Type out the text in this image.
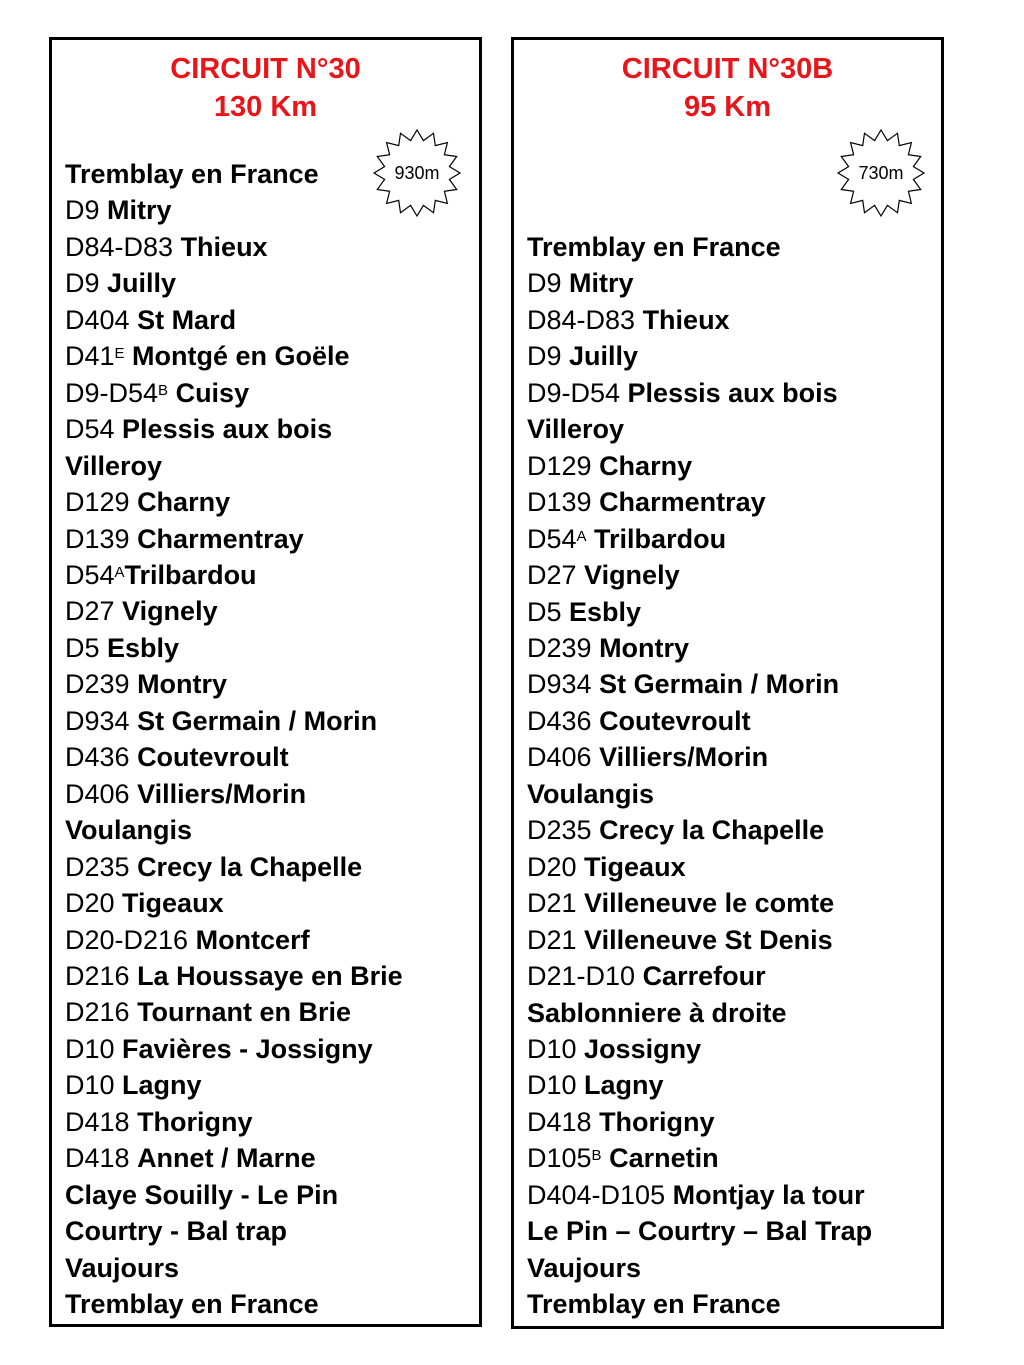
CIRCUIT N°30
130 Km
930m
Tremblay en France
D9 Mitry
D84-D83 Thieux
D9 Juilly
D404 St Mard
$D41^E$ Montgé en Goële
$D9-D54^B$ Cuisy
D54 Plessis aux bois
Villeroy
D129 Charny
D139 Charmentray
$D54^ATrilbardou$
D27 Vignely
D5 Esbly
D239 Montry
D934 St Germain / Morin
D436 Coutevroult
D406 Villiers/Morin
Voulangis
D235 Crecy la Chapelle
D20 Tigeaux
D20-D216 Montcerf
D216 La Houssaye en Brie
D216 Tournant en Brie
D10 Favières - Jossigny
D10 Lagny
D418 Thorigny
D418 Annet / Marne
Claye Souilly - Le Pin
Courtry - Bal trap
Vaujours
Tremblay en France
CIRCUIT N°30B
95 Km
730m
Tremblay en France
D9 Mitry
D84-D83 Thieux
D9 Juilly
D9-D54 Plessis aux bois
Villeroy
D129 Charny
D139 Charmentray
$D54^A$ Trilbardou
D27 Vignely
D5 Esbly
D239 Montry
D934 St Germain / Morin
D436 Coutevroult
D406 Villiers/Morin
Voulangis
D235 Crecy la Chapelle
D20 Tigeaux
D21 Villeneuve le comte
D21 Villeneuve St Denis
D21-D10 Carrefour
Sablonniere à droite
D10 Jossigny
D10 Lagny
D418 Thorigny
$D105^B$ Carnetin
D404-D105 Montjay la tour
Le Pin – Courtry – Bal Trap
Vaujours
Tremblay en France
